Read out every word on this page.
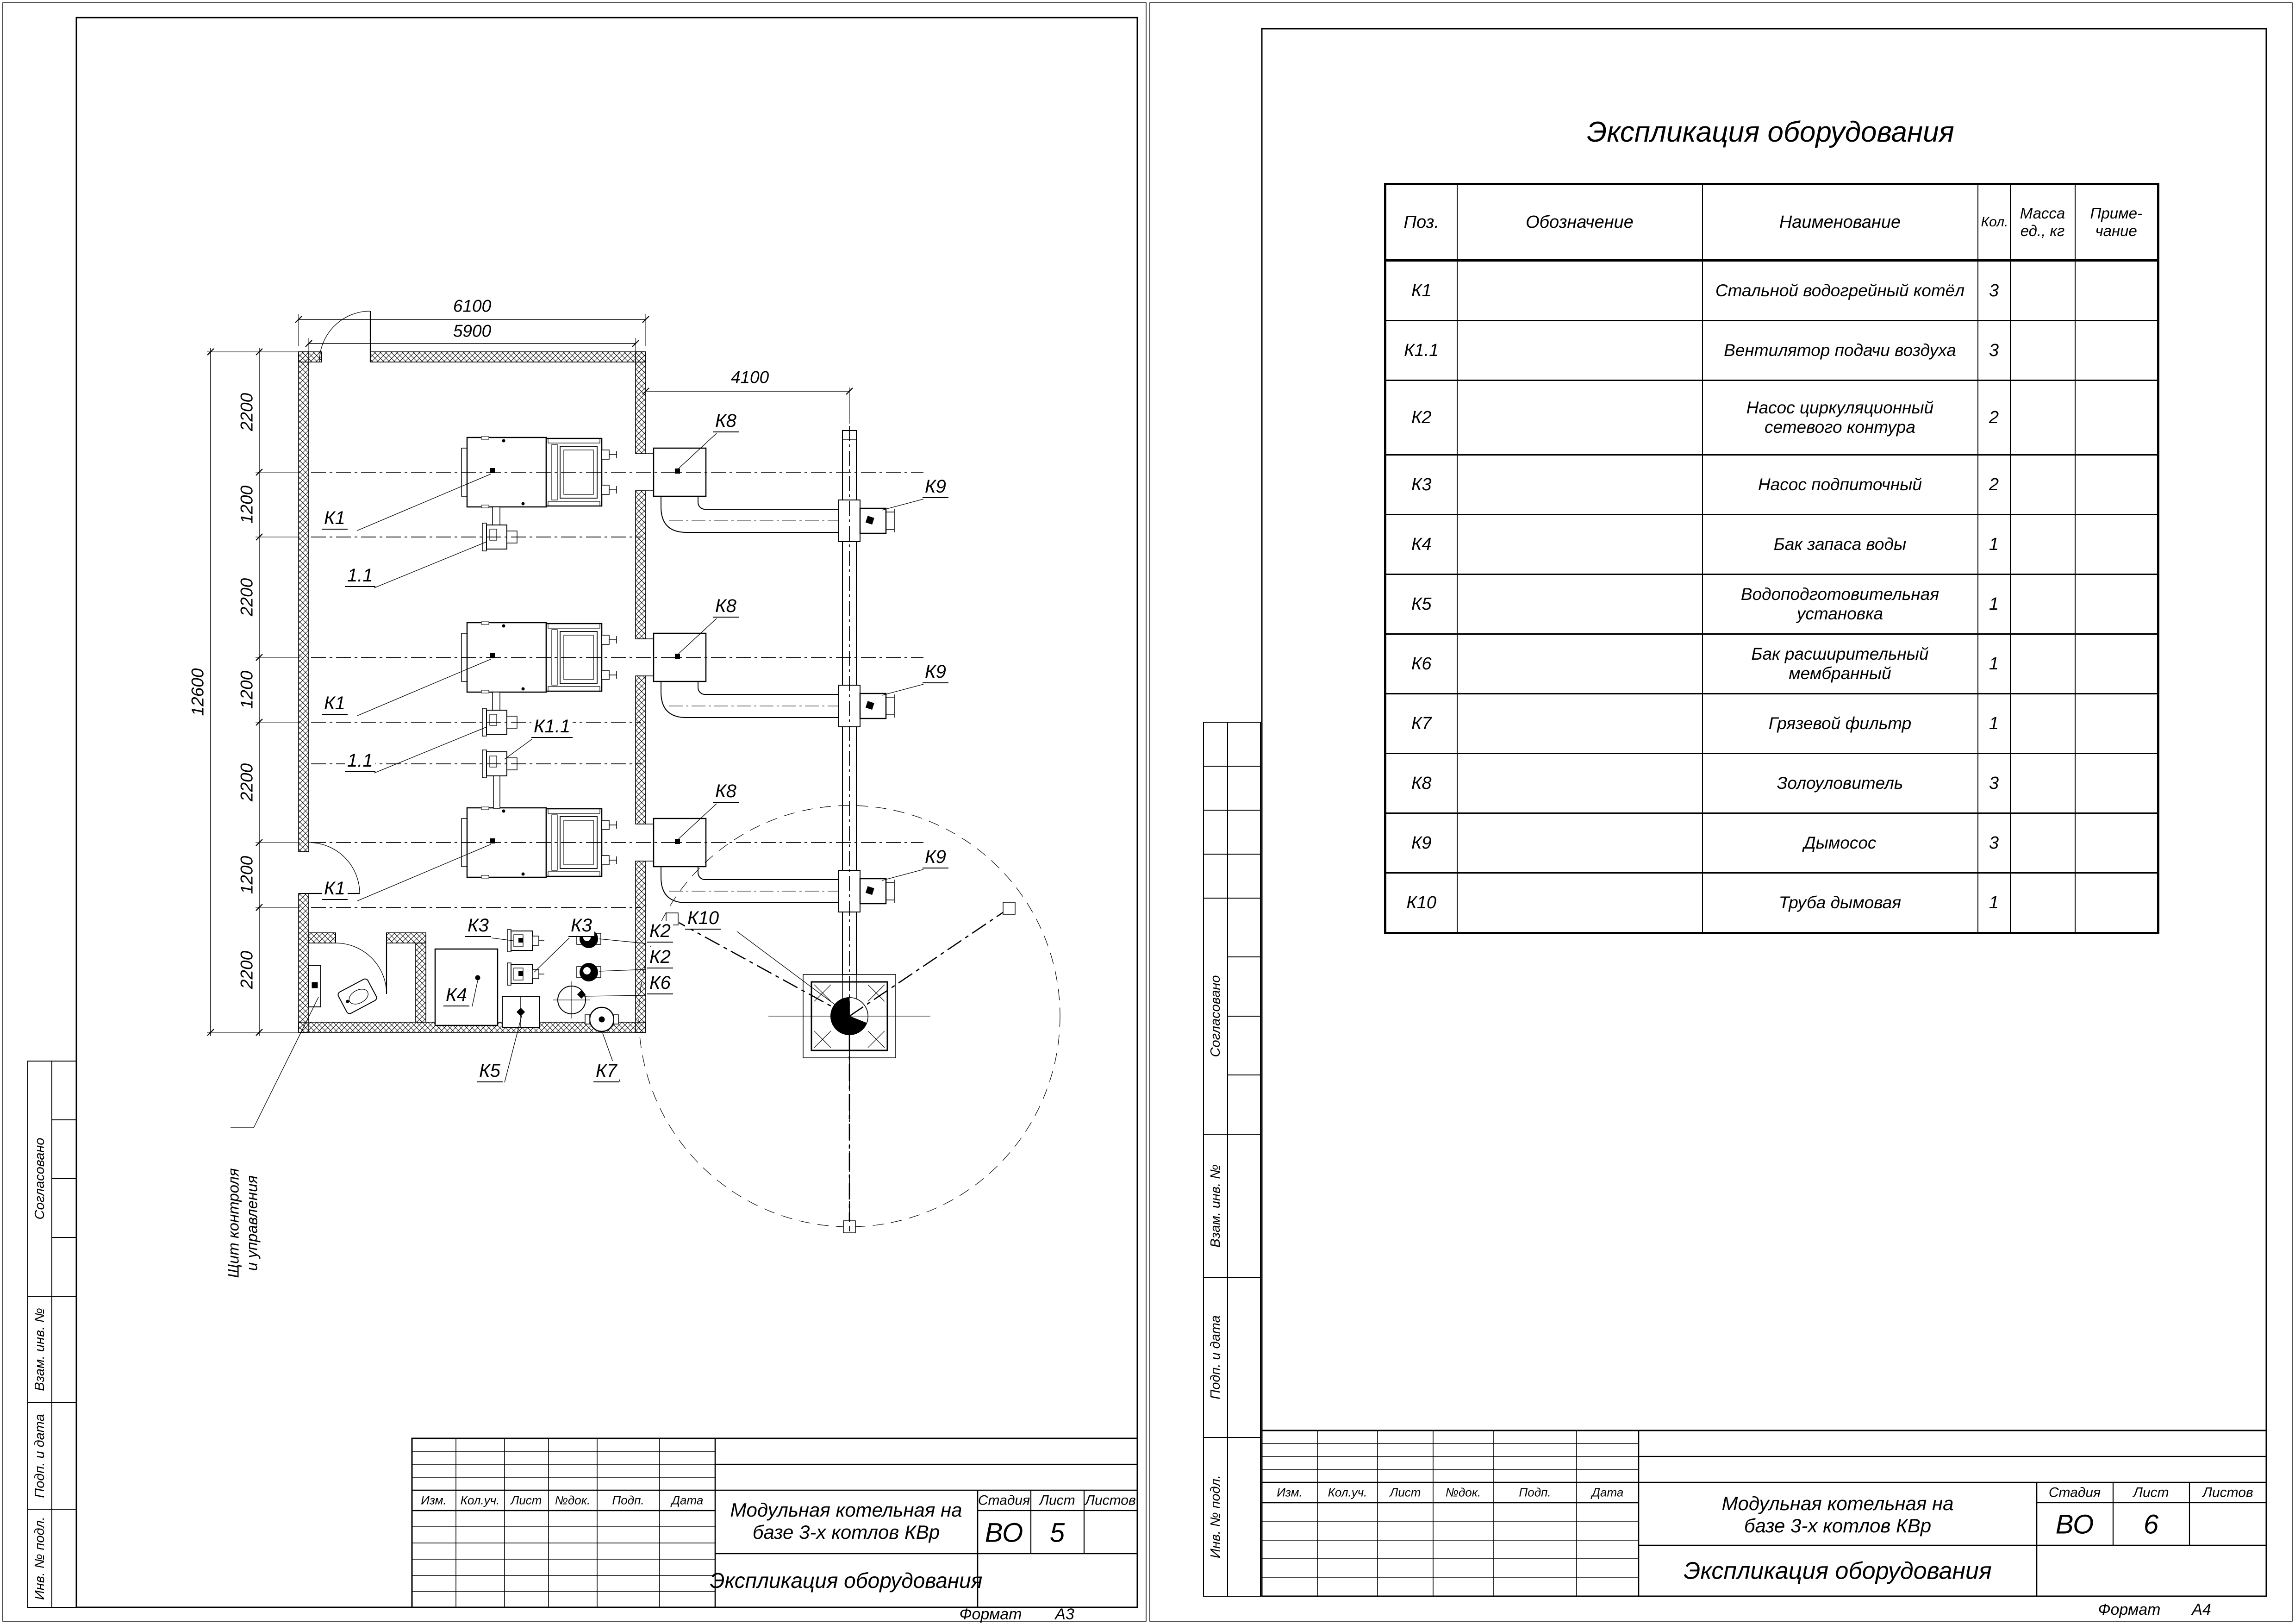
6100
5900
4100
2200
1200
2200
1200
2200
1200
2200
12600
К1
К1
К1
1.1
1.1
К1.1
К8
К8
К8
К9
К9
К9
К10
К3	К3	К2
К2
К6
К4
К5	К7
Щит контроля и управления
Согласовано
Взам. инв. №
Подп. и дата
Инв. № подл.
Изм. Кол.уч. Лист №док. Подп. Дата Модульная котельная на
базе 3-х котлов КВр
Стадия Лист Листов
ВО 5
Экспликация оборудования
Формат А3
Экспликация оборудования
Поз.	Обозначение	Наименование	Кол.	Масса ед., кг	Приме-чание
К1		Стальной водогрейный котёл	3		
К1.1		Вентилятор подачи воздуха	3		
К2		Насос циркуляционный сетевого контура	2		
К3		Насос подпиточный	2		
К4		Бак запаса воды	1		
К5		Водоподготовительная установка	1		
К6		Бак расширительный мембранный	1		
К7		Грязевой фильтр	1		
К8		Золоуловитель	3		
К9		Дымосос	3		
К10		Труба дымовая	1		
Согласовано
Взам. инв. №
Подп. и дата
Инв. № подл.	Изм. Кол.уч. Лист №док.	Подп.	Дата
Модульная котельная на
базе 3-х котлов КВр
Стадия Лист Листов
ВО 6
Экспликация оборудования
Формат А4
